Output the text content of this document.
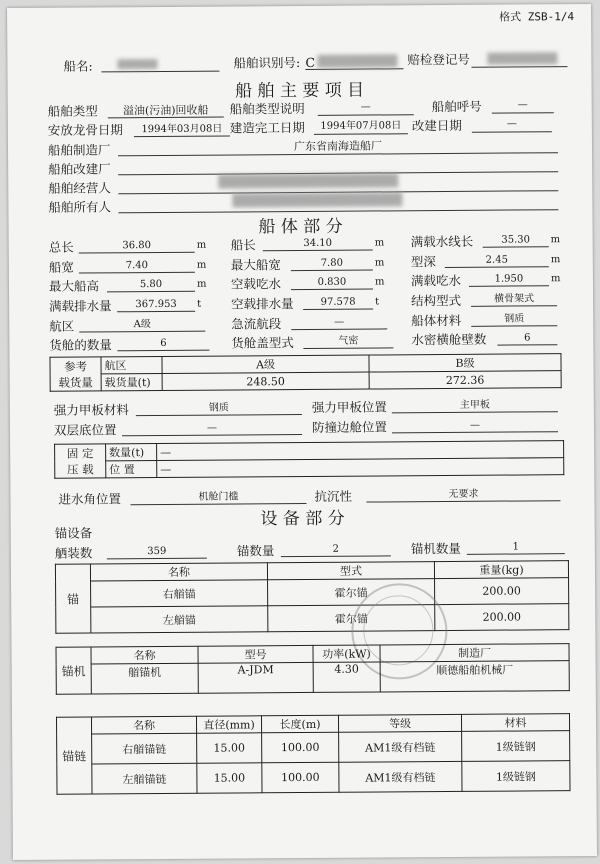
格式 ZSB-1/4
船名:	船舶识别号: C	赔检登记号
船 舶 主 要 项 目
船舶类型	溢油(污油)回收船	船舶类型说明	—	船舶呼号	—
安放龙骨日期	1994年03月08日 建造完工日期	1994年07月08日 改建日期	—
船舶制造厂	广东省南海造船厂
船舶改建厂
船舶经营人
船舶所有人
船 体 部 分
总长	36.80	m 船长	34.10	m 满载水线长	35.30	m
船宽	7.40	m 最大船宽	7.80	m 型深	2.45	m
最大船高	5.80	m 空载吃水	0.830	m 满载吃水	1.950	m
满载排水量	367.953	t 空载排水量	97.578	t	结构型式	横骨架式
航区	A级	急流航段	—	船体材料	钢质
货舱的数量	6	货舱盖型式	气密	水密横舱壁数	6
参考
载货量	航区	A级	B级
	载货量(t)	248.50	272.36
强力甲板材料	钢质	强力甲板位置	主甲板
双层底位置	—	防撞边舱位置	—
固 定
压 载	数量(t)	—
	位 置	—
进水角位置	机舱门槛	抗沉性	无要求
设 备 部 分
锚设备
舾装数	359	锚数量	2	锚机数量	1
锚	名称	型式	重量(kg)
	右艏锚	霍尔锚	200.00
	左艏锚	霍尔锚	200.00
锚机	名称	型号	功率(kW)	制造厂
	艏锚机	A-JDM	4.30	顺德船舶机械厂
锚链	名称	直径(mm)	长度(m)	等级	材料
	右艏锚链	15.00	100.00	AM1级有档链	1级链钢
	左艏锚链	15.00	100.00	AM1级有档链	1级链钢
